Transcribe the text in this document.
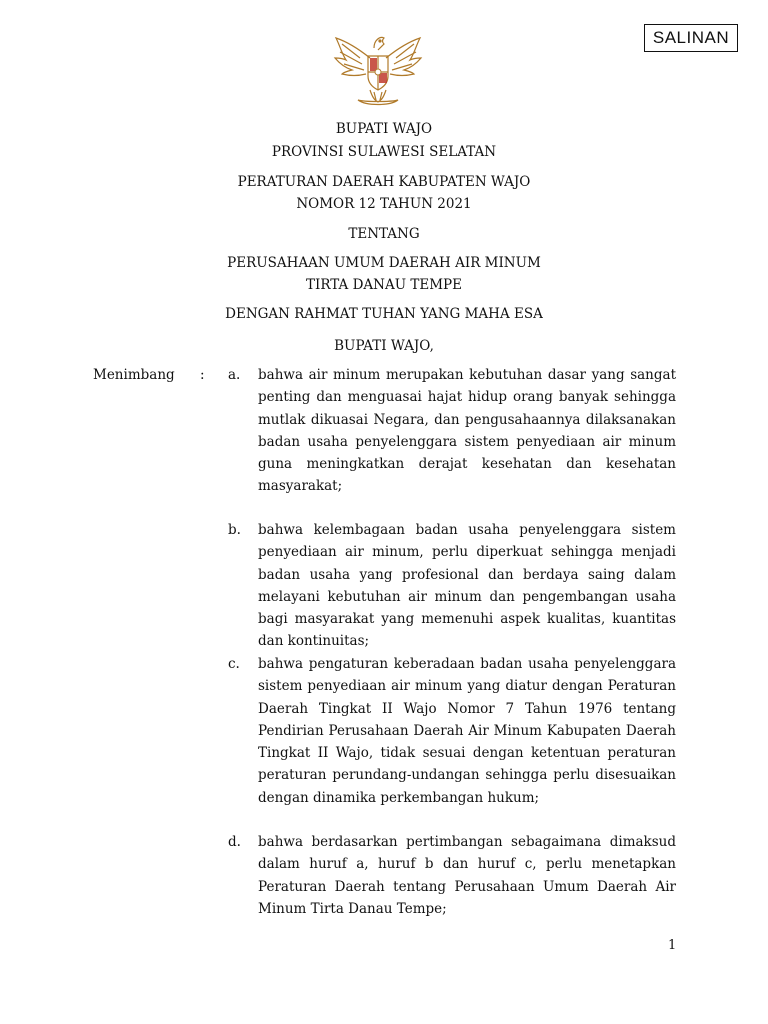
SALINAN
BUPATI WAJO
PROVINSI SULAWESI SELATAN
PERATURAN DAERAH KABUPATEN WAJO
NOMOR 12 TAHUN 2021
TENTANG
PERUSAHAAN UMUM DAERAH AIR MINUM
TIRTA DANAU TEMPE
DENGAN RAHMAT TUHAN YANG MAHA ESA
BUPATI WAJO,
Menimbang : a. bahwa air minum merupakan kebutuhan dasar yang sangat penting dan menguasai hajat hidup orang banyak sehingga mutlak dikuasai Negara, dan pengusahaannya dilaksanakan badan usaha penyelenggara sistem penyediaan air minum guna meningkatkan derajat kesehatan dan kesehatan masyarakat;
b. bahwa kelembagaan badan usaha penyelenggara sistem penyediaan air minum, perlu diperkuat sehingga menjadi badan usaha yang profesional dan berdaya saing dalam melayani kebutuhan air minum dan pengembangan usaha bagi masyarakat yang memenuhi aspek kualitas, kuantitas dan kontinuitas;
c. bahwa pengaturan keberadaan badan usaha penyelenggara sistem penyediaan air minum yang diatur dengan Peraturan Daerah Tingkat II Wajo Nomor 7 Tahun 1976 tentang Pendirian Perusahaan Daerah Air Minum Kabupaten Daerah Tingkat II Wajo, tidak sesuai dengan ketentuan peraturan peraturan perundang-undangan sehingga perlu disesuaikan dengan dinamika perkembangan hukum;
d. bahwa berdasarkan pertimbangan sebagaimana dimaksud dalam huruf a, huruf b dan huruf c, perlu menetapkan Peraturan Daerah tentang Perusahaan Umum Daerah Air Minum Tirta Danau Tempe;
1
